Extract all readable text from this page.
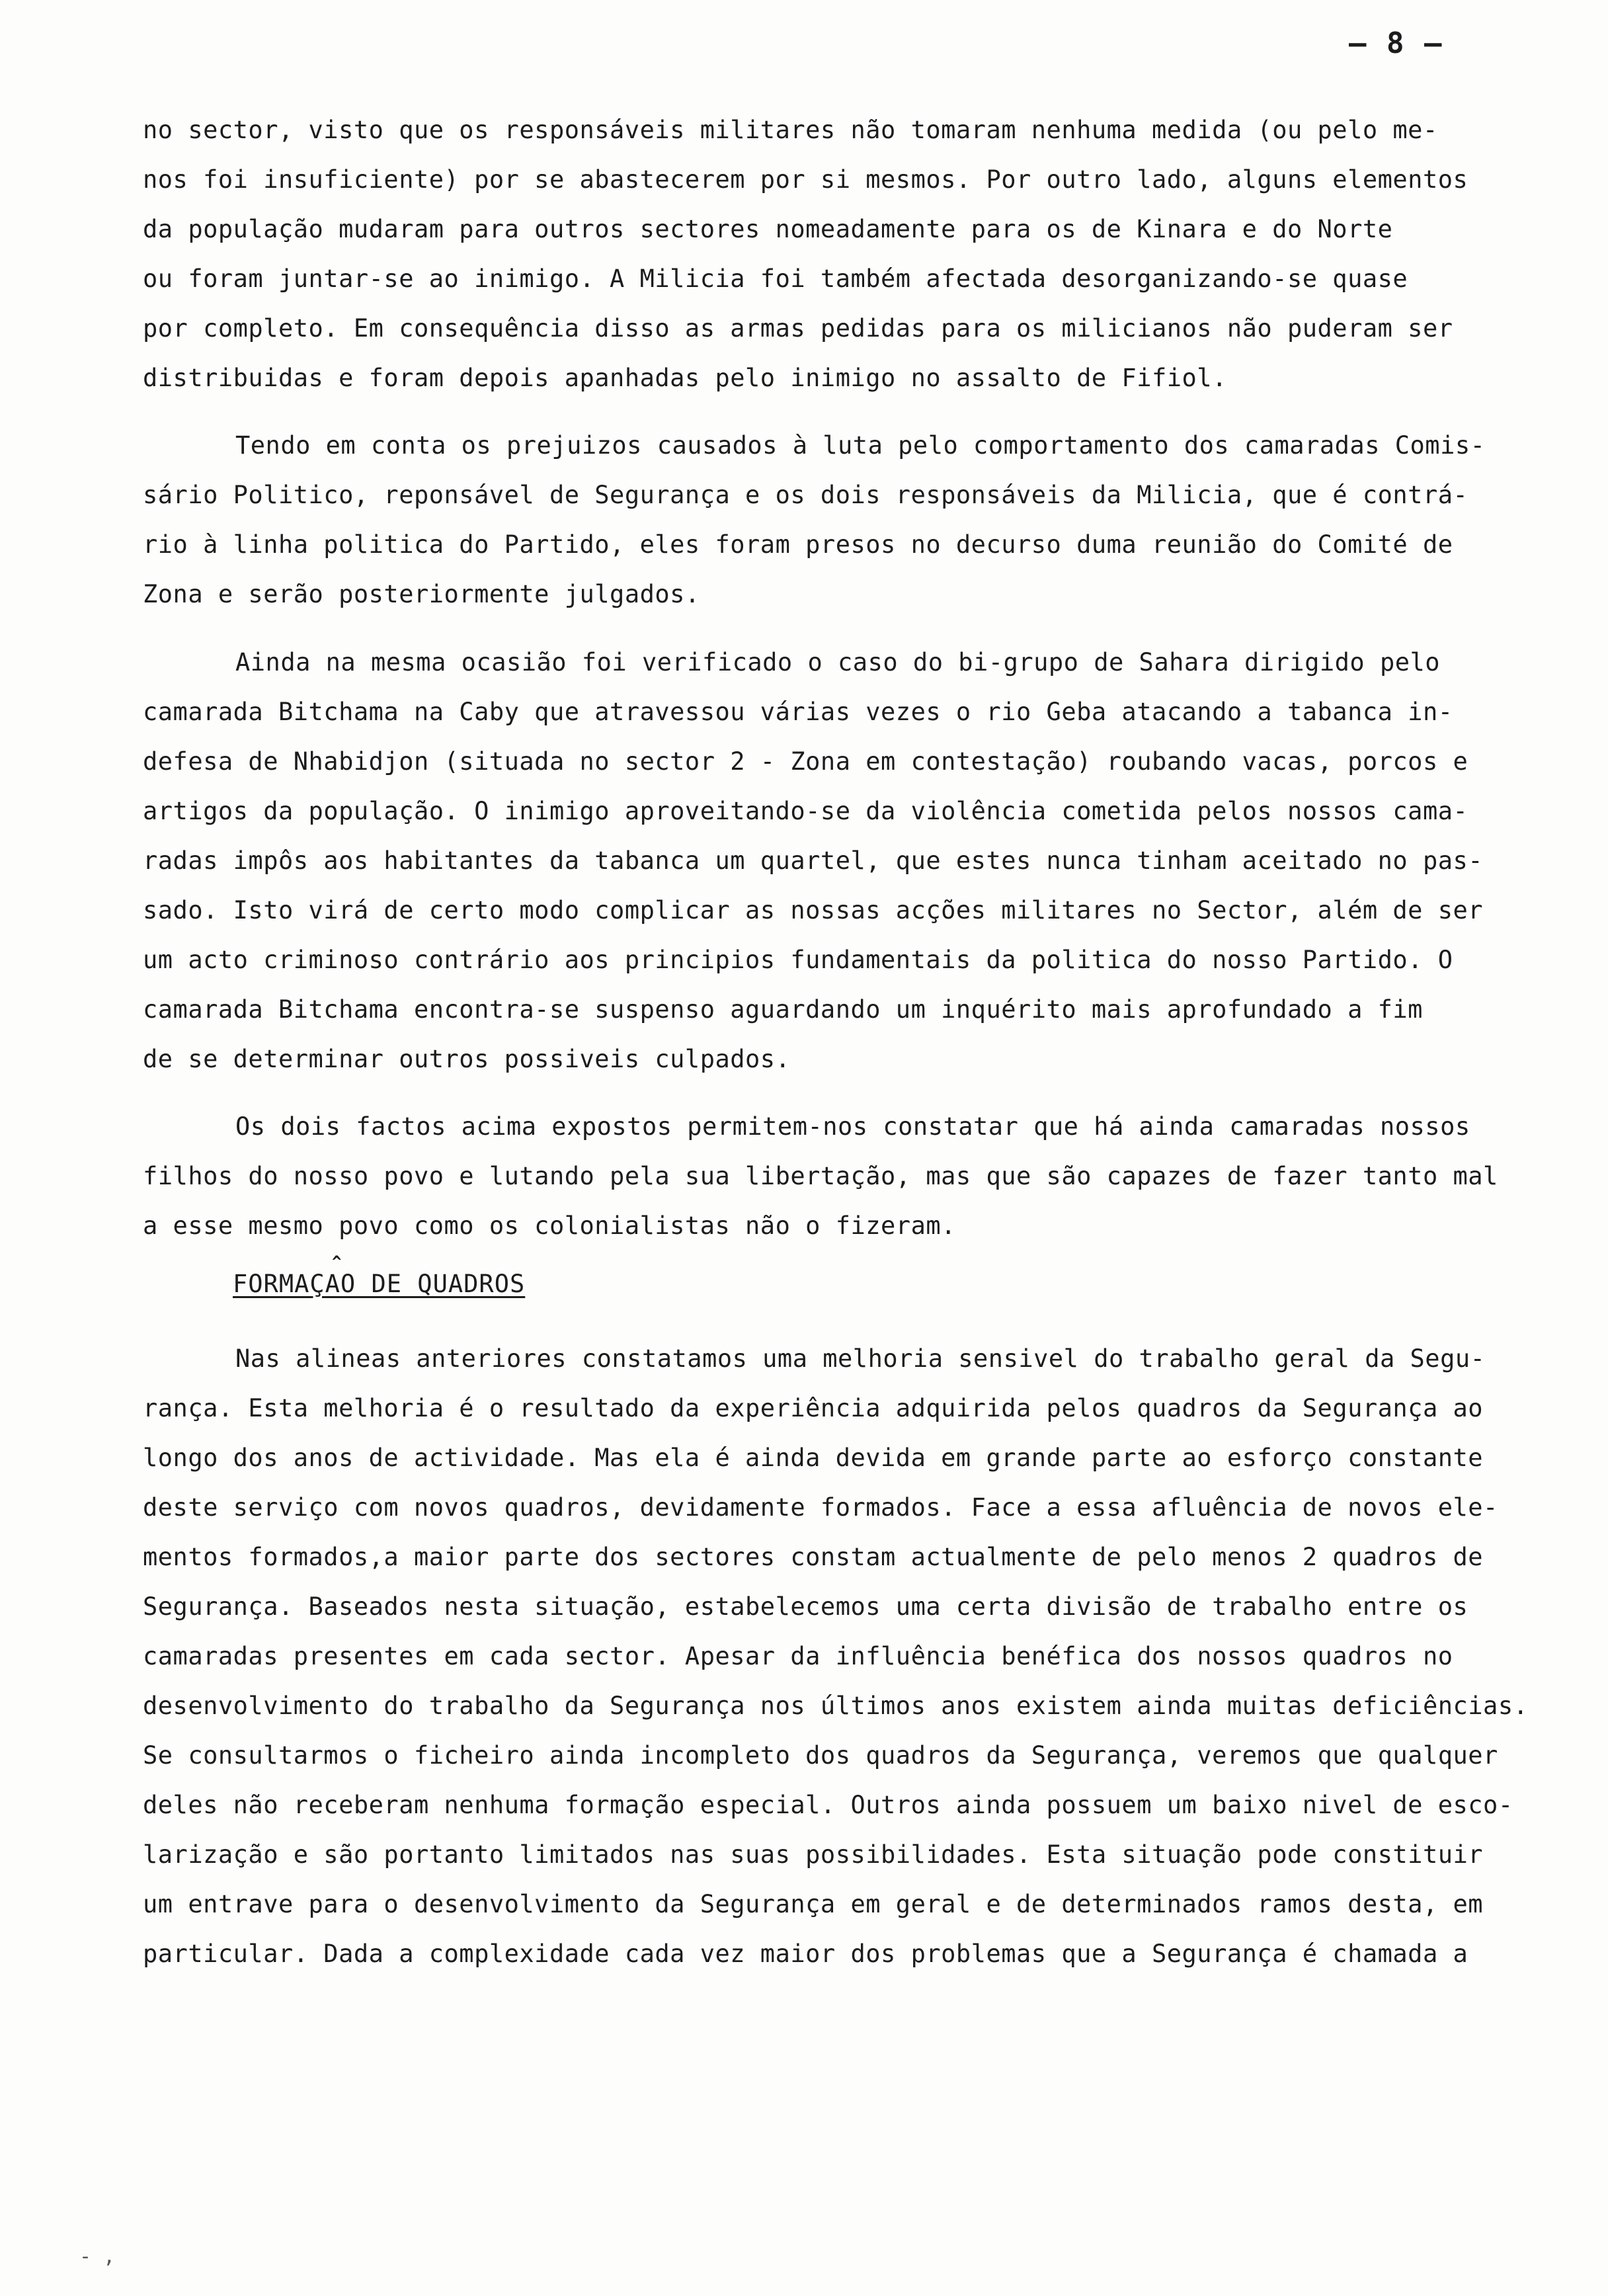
– 8 –
no sector, visto que os responsáveis militares não tomaram nenhuma medida (ou pelo me-
nos foi insuficiente) por se abastecerem por si mesmos. Por outro lado, alguns elementos
da população mudaram para outros sectores nomeadamente para os de Kinara e do Norte
ou foram juntar-se ao inimigo. A Milicia foi também afectada desorganizando-se quase
por completo. Em consequência disso as armas pedidas para os milicianos não puderam ser
distribuidas e foram depois apanhadas pelo inimigo no assalto de Fifiol.
Tendo em conta os prejuizos causados à luta pelo comportamento dos camaradas Comis-
sário Politico, reponsável de Segurança e os dois responsáveis da Milicia, que é contrá-
rio à linha politica do Partido, eles foram presos no decurso duma reunião do Comité de
Zona e serão posteriormente julgados.
Ainda na mesma ocasião foi verificado o caso do bi-grupo de Sahara dirigido pelo
camarada Bitchama na Caby que atravessou várias vezes o rio Geba atacando a tabanca in-
defesa de Nhabidjon (situada no sector 2 - Zona em contestação) roubando vacas, porcos e
artigos da população. O inimigo aproveitando-se da violência cometida pelos nossos cama-
radas impôs aos habitantes da tabanca um quartel, que estes nunca tinham aceitado no pas-
sado. Isto virá de certo modo complicar as nossas acções militares no Sector, além de ser
um acto criminoso contrário aos principios fundamentais da politica do nosso Partido. O
camarada Bitchama encontra-se suspenso aguardando um inquérito mais aprofundado a fim
de se determinar outros possiveis culpados.
Os dois factos acima expostos permitem-nos constatar que há ainda camaradas nossos
filhos do nosso povo e lutando pela sua libertação, mas que são capazes de fazer tanto mal
a esse mesmo povo como os colonialistas não o fizeram.
^
FORMAÇAO DE QUADROS
Nas alineas anteriores constatamos uma melhoria sensivel do trabalho geral da Segu-
rança. Esta melhoria é o resultado da experiência adquirida pelos quadros da Segurança ao
longo dos anos de actividade. Mas ela é ainda devida em grande parte ao esforço constante
deste serviço com novos quadros, devidamente formados. Face a essa afluência de novos ele-
mentos formados,a maior parte dos sectores constam actualmente de pelo menos 2 quadros de
Segurança. Baseados nesta situação, estabelecemos uma certa divisão de trabalho entre os
camaradas presentes em cada sector. Apesar da influência benéfica dos nossos quadros no
desenvolvimento do trabalho da Segurança nos últimos anos existem ainda muitas deficiências.
Se consultarmos o ficheiro ainda incompleto dos quadros da Segurança, veremos que qualquer
deles não receberam nenhuma formação especial. Outros ainda possuem um baixo nivel de esco-
larização e são portanto limitados nas suas possibilidades. Esta situação pode constituir
um entrave para o desenvolvimento da Segurança em geral e de determinados ramos desta, em
particular. Dada a complexidade cada vez maior dos problemas que a Segurança é chamada a
- ,
